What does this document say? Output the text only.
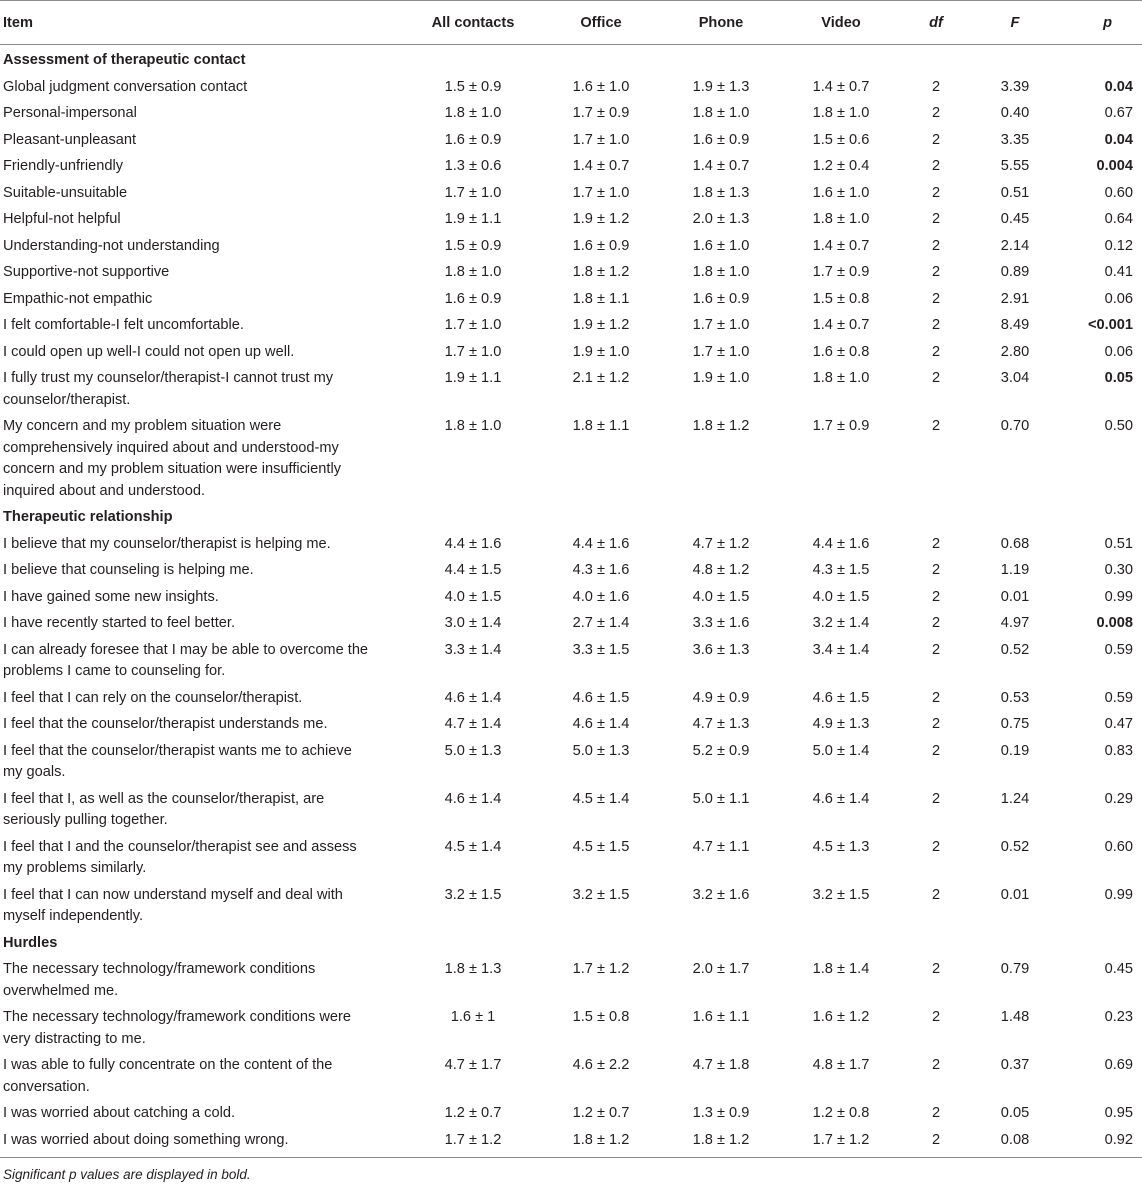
Item	All contacts	Office	Phone	Video	df	F	p
Assessment of therapeutic contact							
Global judgment conversation contact	1.5 ± 0.9	1.6 ± 1.0	1.9 ± 1.3	1.4 ± 0.7	2	3.39	0.04
Personal-impersonal	1.8 ± 1.0	1.7 ± 0.9	1.8 ± 1.0	1.8 ± 1.0	2	0.40	0.67
Pleasant-unpleasant	1.6 ± 0.9	1.7 ± 1.0	1.6 ± 0.9	1.5 ± 0.6	2	3.35	0.04
Friendly-unfriendly	1.3 ± 0.6	1.4 ± 0.7	1.4 ± 0.7	1.2 ± 0.4	2	5.55	0.004
Suitable-unsuitable	1.7 ± 1.0	1.7 ± 1.0	1.8 ± 1.3	1.6 ± 1.0	2	0.51	0.60
Helpful-not helpful	1.9 ± 1.1	1.9 ± 1.2	2.0 ± 1.3	1.8 ± 1.0	2	0.45	0.64
Understanding-not understanding	1.5 ± 0.9	1.6 ± 0.9	1.6 ± 1.0	1.4 ± 0.7	2	2.14	0.12
Supportive-not supportive	1.8 ± 1.0	1.8 ± 1.2	1.8 ± 1.0	1.7 ± 0.9	2	0.89	0.41
Empathic-not empathic	1.6 ± 0.9	1.8 ± 1.1	1.6 ± 0.9	1.5 ± 0.8	2	2.91	0.06
I felt comfortable-I felt uncomfortable.	1.7 ± 1.0	1.9 ± 1.2	1.7 ± 1.0	1.4 ± 0.7	2	8.49	<0.001
I could open up well-I could not open up well.	1.7 ± 1.0	1.9 ± 1.0	1.7 ± 1.0	1.6 ± 0.8	2	2.80	0.06
I fully trust my counselor/therapist-I cannot trust my counselor/therapist.	1.9 ± 1.1	2.1 ± 1.2	1.9 ± 1.0	1.8 ± 1.0	2	3.04	0.05
My concern and my problem situation were comprehensively inquired about and understood-my concern and my problem situation were insufficiently inquired about and understood.	1.8 ± 1.0	1.8 ± 1.1	1.8 ± 1.2	1.7 ± 0.9	2	0.70	0.50
Therapeutic relationship							
I believe that my counselor/therapist is helping me.	4.4 ± 1.6	4.4 ± 1.6	4.7 ± 1.2	4.4 ± 1.6	2	0.68	0.51
I believe that counseling is helping me.	4.4 ± 1.5	4.3 ± 1.6	4.8 ± 1.2	4.3 ± 1.5	2	1.19	0.30
I have gained some new insights.	4.0 ± 1.5	4.0 ± 1.6	4.0 ± 1.5	4.0 ± 1.5	2	0.01	0.99
I have recently started to feel better.	3.0 ± 1.4	2.7 ± 1.4	3.3 ± 1.6	3.2 ± 1.4	2	4.97	0.008
I can already foresee that I may be able to overcome the problems I came to counseling for.	3.3 ± 1.4	3.3 ± 1.5	3.6 ± 1.3	3.4 ± 1.4	2	0.52	0.59
I feel that I can rely on the counselor/therapist.	4.6 ± 1.4	4.6 ± 1.5	4.9 ± 0.9	4.6 ± 1.5	2	0.53	0.59
I feel that the counselor/therapist understands me.	4.7 ± 1.4	4.6 ± 1.4	4.7 ± 1.3	4.9 ± 1.3	2	0.75	0.47
I feel that the counselor/therapist wants me to achieve my goals.	5.0 ± 1.3	5.0 ± 1.3	5.2 ± 0.9	5.0 ± 1.4	2	0.19	0.83
I feel that I, as well as the counselor/therapist, are seriously pulling together.	4.6 ± 1.4	4.5 ± 1.4	5.0 ± 1.1	4.6 ± 1.4	2	1.24	0.29
I feel that I and the counselor/therapist see and assess my problems similarly.	4.5 ± 1.4	4.5 ± 1.5	4.7 ± 1.1	4.5 ± 1.3	2	0.52	0.60
I feel that I can now understand myself and deal with myself independently.	3.2 ± 1.5	3.2 ± 1.5	3.2 ± 1.6	3.2 ± 1.5	2	0.01	0.99
Hurdles							
The necessary technology/framework conditions overwhelmed me.	1.8 ± 1.3	1.7 ± 1.2	2.0 ± 1.7	1.8 ± 1.4	2	0.79	0.45
The necessary technology/framework conditions were very distracting to me.	1.6 ± 1	1.5 ± 0.8	1.6 ± 1.1	1.6 ± 1.2	2	1.48	0.23
I was able to fully concentrate on the content of the conversation.	4.7 ± 1.7	4.6 ± 2.2	4.7 ± 1.8	4.8 ± 1.7	2	0.37	0.69
I was worried about catching a cold.	1.2 ± 0.7	1.2 ± 0.7	1.3 ± 0.9	1.2 ± 0.8	2	0.05	0.95
I was worried about doing something wrong.	1.7 ± 1.2	1.8 ± 1.2	1.8 ± 1.2	1.7 ± 1.2	2	0.08	0.92
Significant p values are displayed in bold.
